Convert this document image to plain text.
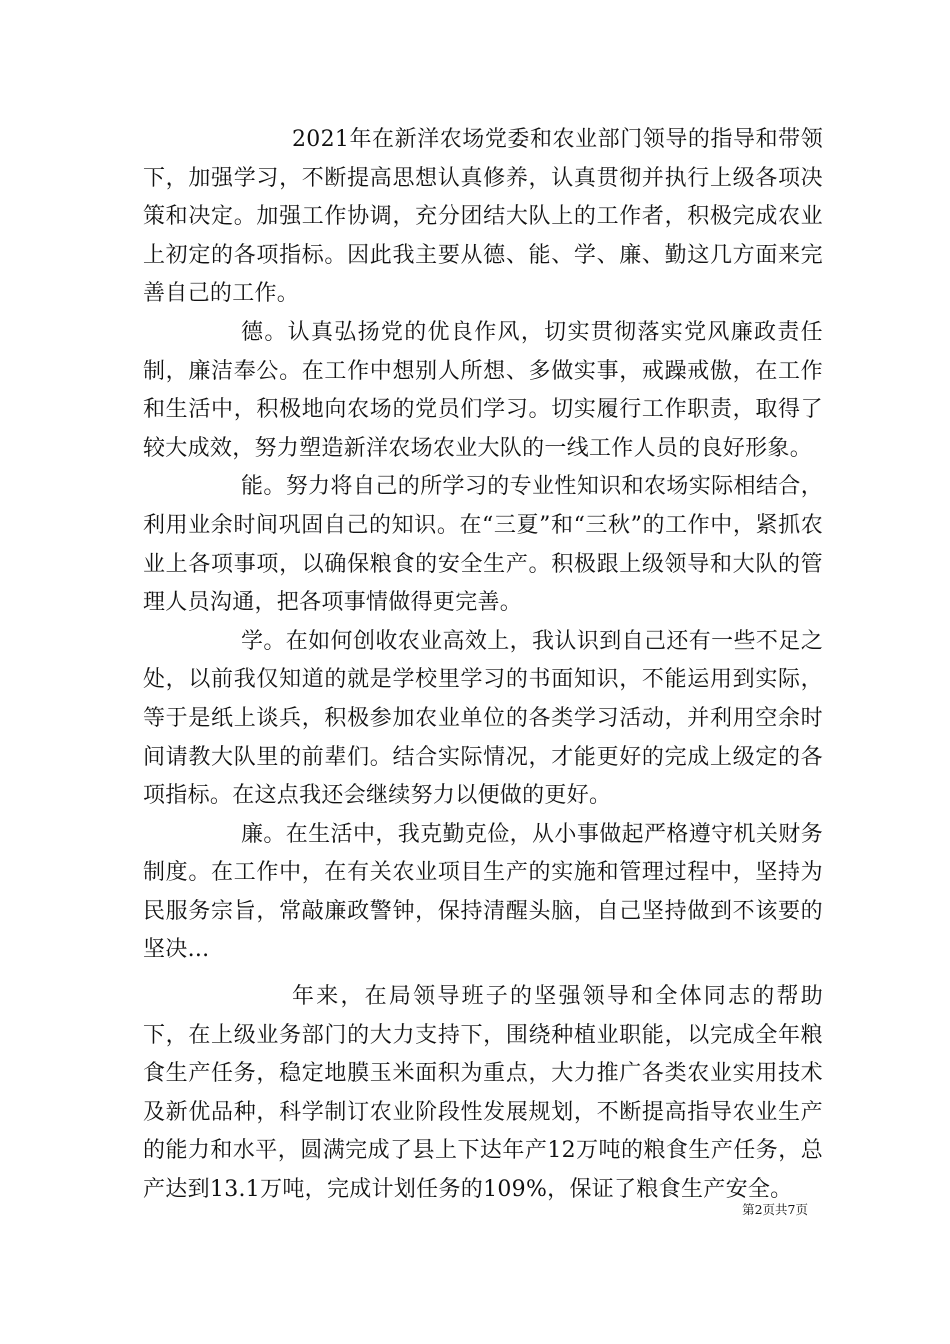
2021年在新洋农场党委和农业部门领导的指导和带领下，加强学习，不断提高思想认真修养，认真贯彻并执行上级各项决策和决定。加强工作协调，充分团结大队上的工作者，积极完成农业上初定的各项指标。因此我主要从德、能、学、廉、勤这几方面来完善自己的工作。

德。认真弘扬党的优良作风，切实贯彻落实党风廉政责任制，廉洁奉公。在工作中想别人所想、多做实事，戒躁戒傲，在工作和生活中，积极地向农场的党员们学习。切实履行工作职责，取得了较大成效，努力塑造新洋农场农业大队的一线工作人员的良好形象。

能。努力将自己的所学习的专业性知识和农场实际相结合，利用业余时间巩固自己的知识。在“三夏”和“三秋”的工作中，紧抓农业上各项事项，以确保粮食的安全生产。积极跟上级领导和大队的管理人员沟通，把各项事情做得更完善。

学。在如何创收农业高效上，我认识到自己还有一些不足之处，以前我仅知道的就是学校里学习的书面知识，不能运用到实际，等于是纸上谈兵，积极参加农业单位的各类学习活动，并利用空余时间请教大队里的前辈们。结合实际情况，才能更好的完成上级定的各项指标。在这点我还会继续努力以便做的更好。

廉。在生活中，我克勤克俭，从小事做起严格遵守机关财务制度。在工作中，在有关农业项目生产的实施和管理过程中，坚持为民服务宗旨，常敲廉政警钟，保持清醒头脑，自己坚持做到不该要的坚决...

年来，在局领导班子的坚强领导和全体同志的帮助下，在上级业务部门的大力支持下，围绕种植业职能，以完成全年粮食生产任务，稳定地膜玉米面积为重点，大力推广各类农业实用技术及新优品种，科学制订农业阶段性发展规划，不断提高指导农业生产的能力和水平，圆满完成了县上下达年产12万吨的粮食生产任务，总产达到13.1万吨，完成计划任务的109%，保证了粮食生产安全。

第2页共7页
